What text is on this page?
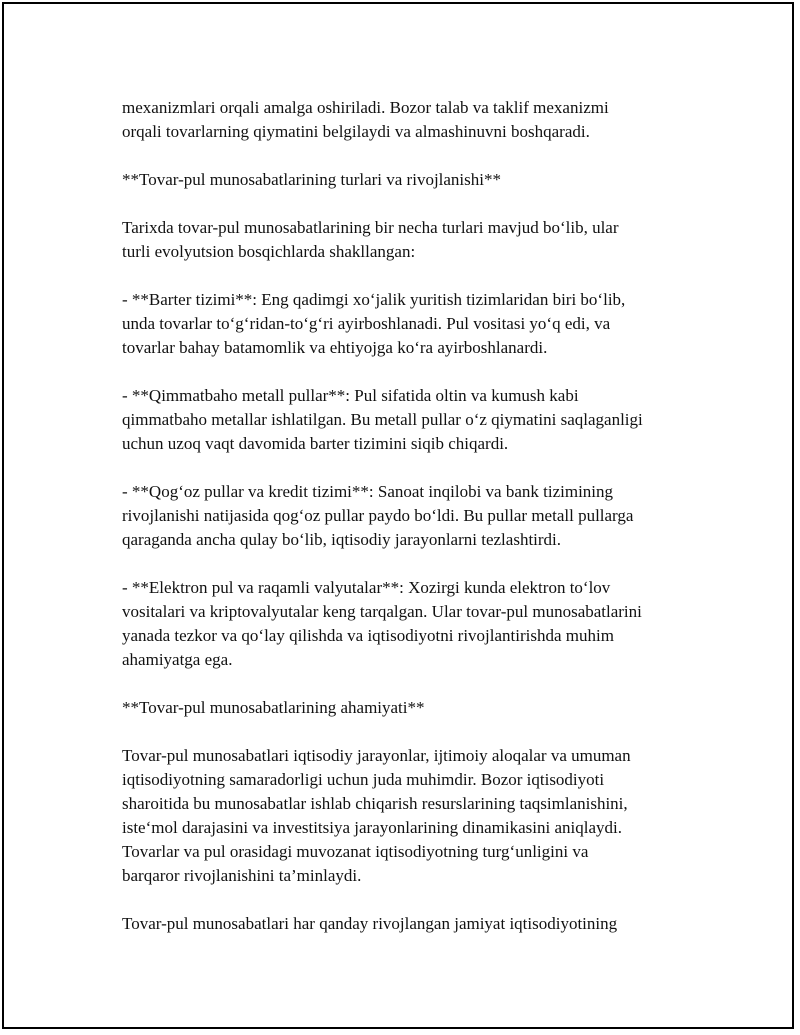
mexanizmlari orqali amalga oshiriladi. Bozor talab va taklif mexanizmi
orqali tovarlarning qiymatini belgilaydi va almashinuvni boshqaradi.
**Tovar-pul munosabatlarining turlari va rivojlanishi**
Tarixda tovar-pul munosabatlarining bir necha turlari mavjud bo‘lib, ular
turli evolyutsion bosqichlarda shakllangan:
- **Barter tizimi**: Eng qadimgi xo‘jalik yuritish tizimlaridan biri bo‘lib,
unda tovarlar to‘g‘ridan-to‘g‘ri ayirboshlanadi. Pul vositasi yo‘q edi, va
tovarlar bahay batamomlik va ehtiyojga ko‘ra ayirboshlanardi.
- **Qimmatbaho metall pullar**: Pul sifatida oltin va kumush kabi
qimmatbaho metallar ishlatilgan. Bu metall pullar o‘z qiymatini saqlaganligi
uchun uzoq vaqt davomida barter tizimini siqib chiqardi.
- **Qog‘oz pullar va kredit tizimi**: Sanoat inqilobi va bank tizimining
rivojlanishi natijasida qog‘oz pullar paydo bo‘ldi. Bu pullar metall pullarga
qaraganda ancha qulay bo‘lib, iqtisodiy jarayonlarni tezlashtirdi.
- **Elektron pul va raqamli valyutalar**: Xozirgi kunda elektron to‘lov
vositalari va kriptovalyutalar keng tarqalgan. Ular tovar-pul munosabatlarini
yanada tezkor va qo‘lay qilishda va iqtisodiyotni rivojlantirishda muhim
ahamiyatga ega.
**Tovar-pul munosabatlarining ahamiyati**
Tovar-pul munosabatlari iqtisodiy jarayonlar, ijtimoiy aloqalar va umuman
iqtisodiyotning samaradorligi uchun juda muhimdir. Bozor iqtisodiyoti
sharoitida bu munosabatlar ishlab chiqarish resurslarining taqsimlanishini,
iste‘mol darajasini va investitsiya jarayonlarining dinamikasini aniqlaydi.
Tovarlar va pul orasidagi muvozanat iqtisodiyotning turg‘unligini va
barqaror rivojlanishini ta’minlaydi.
Tovar-pul munosabatlari har qanday rivojlangan jamiyat iqtisodiyotining
